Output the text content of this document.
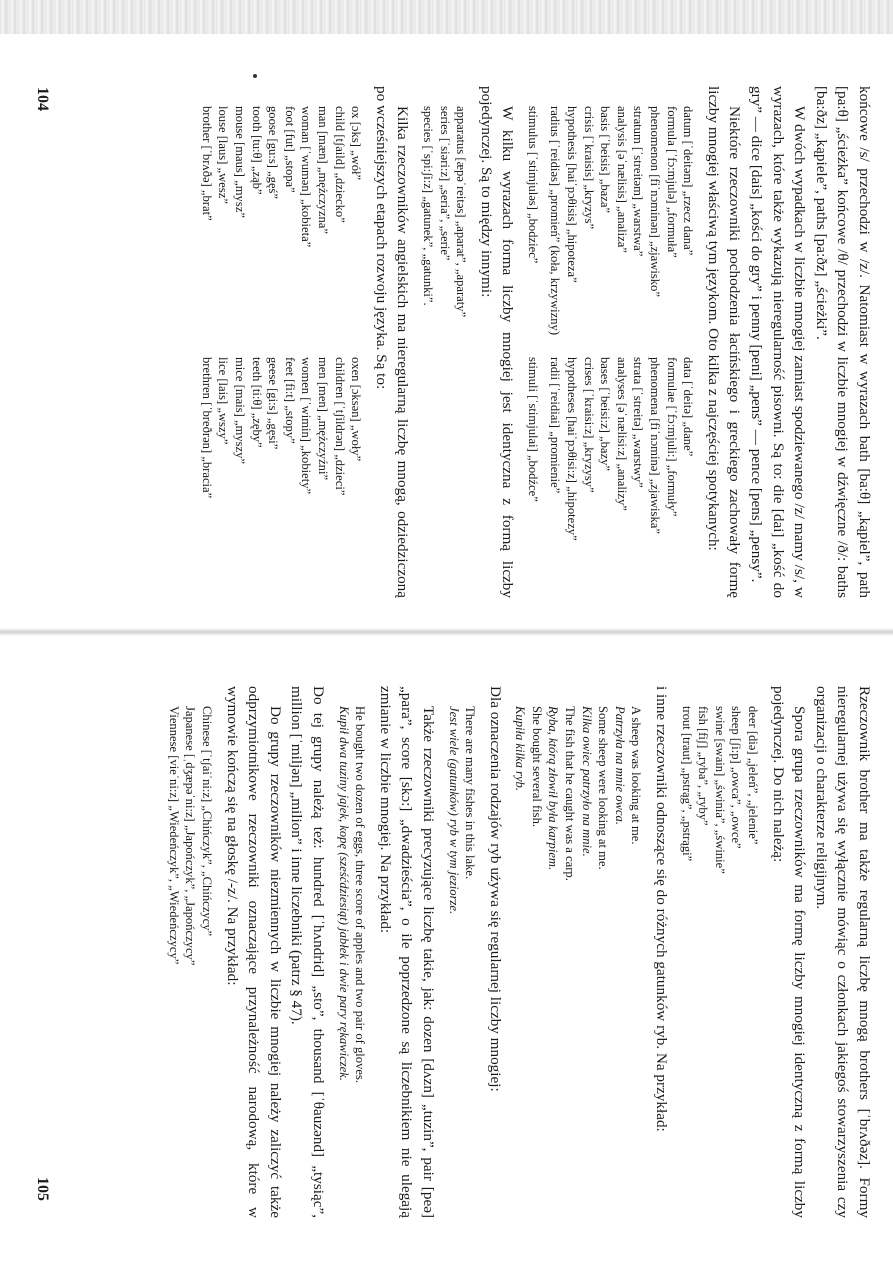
końcowe /s/ przechodzi w /z/. Natomiast w wyrazach bath [ba:θ] „kąpiel”, path [pa:θ] „ścieżka” końcowe /θ/ przechodzi w liczbie mnogiej w dźwięczne /ð/: baths [ba:ðz] „kąpiele”, paths [pa:ðz] „ścieżki”.

W dwóch wypadkach w liczbie mnogiej zamiast spodziewanego /z/ mamy /s/, w wyrazach, które także wykazują nieregularność pisowni. Są to: die [dai] „kość do gry” — dice [dais] „kości do gry” i penny [peni] „pens” — pence [pens] „pensy”.

Niektóre rzeczowniki pochodzenia łacińskiego i greckiego zachowały formę liczby mnogiej właściwą tym językom. Oto kilka z najczęściej spotykanych:

datum [ˈdeitəm] „rzecz dana”
data [ˈdeitə] „dane”
formula [ˈfɔ:mjulə] „formuła”
formulae [ˈfɔ:mjuli:] „formuły”
phenomenon [fiˈnɔminən] „zjawisko”
phenomena [fiˈnɔminə] „zjawiska”
stratum [ˈstreitəm] „warstwa”
strata [ˈstreitə] „warstwy”
analysis [əˈnælisis] „analiza”
analyses [əˈnælisi:z] „analizy”
basis [ˈbeisis] „baza”
bases [ˈbeisi:z] „bazy”
crisis [ˈkraisis] „kryzys”
crises [ˈkraisi:z] „kryzysy”
hypothesis [haiˈpɔθisis] „hipoteza”
hypotheses [haiˈpɔθisi:z] „hipotezy”
radius [ˈreidiəs] „promień” (koła, krzywizny)
radii [ˈreidiai] „promienie”
stimulus [ˈstimjuləs] „bodziec”
stimuli [ˈstimjulai] „bodźce”

W kilku wyrazach forma liczby mnogiej jest identyczna z formą liczby pojedynczej. Są to między innymi:

apparatus [æpəˈreitəs] „aparat”, „aparaty”
series [ˈsiəri:z] „seria”, „serie”
species [ˈspi:ʃi:z] „gatunek”, „gatunki”.

Kilka rzeczowników angielskich ma nieregularną liczbę mnogą, odziedziczoną po wcześniejszych etapach rozwoju języka. Są to:

ox [ɔks] „wół”
oxen [ɔksən] „woły”
child [tʃaild] „dziecko”
children [ˈtʃildrən] „dzieci”
man [mæn] „mężczyzna”
men [men] „mężczyźni”
woman [ˈwumən] „kobieta”
women [ˈwimin] „kobiety”
foot [fut] „stopa”
feet [fi:t] „stopy”
goose [gu:s] „gęś”
geese [gi:s] „gęsi”
tooth [tu:θ] „ząb”
teeth [ti:θ] „zęby”
mouse [maus] „mysz”
mice [mais] „myszy”
louse [laus] „wesz”
lice [lais] „wszy”
brother [ˈbrʌðə] „brat”
brethren [ˈbreðrən] „bracia”

Rzeczownik brother ma także regularną liczbę mnogą brothers [ˈbrʌðəz]. Formy nieregularnej używa się wyłącznie mówiąc o członkach jakiegoś stowarzyszenia czy organizacji o charakterze religijnym.

Spora grupa rzeczowników ma formę liczby mnogiej identyczną z formą liczby pojedynczej. Do nich należą:

deer [diə] „jeleń”, „jelenie”
sheep [ʃi:p] „owca”, „owce”
swine [swain] „świnia”, „świnie”
fish [fiʃ] „ryba”, „ryby”
trout [traut] „pstrąg”, „pstrągi”

i inne rzeczowniki odnoszące się do różnych gatunków ryb. Na przykład:

A sheep was looking at me.
Patrzyła na mnie owca.
Some sheep were looking at me.
Kilka owiec patrzyło na mnie.
The fish that he caught was a carp.
Ryba, którą złowił była karpiem.
She bought several fish.
Kupiła kilka ryb.

Dla oznaczenia rodzajów ryb używa się regularnej liczby mnogiej:

There are many fishes in this lake.
Jest wiele (gatunków) ryb w tym jeziorze.

Także rzeczowniki precyzujące liczbę takie, jak: dozen [dʌzn] „tuzin”, pair [peə] „para”, score [skɔ:] „dwadzieścia”, o ile poprzedzone są liczebnikiem nie ulegają zmianie w liczbie mnogiej. Na przykład:

He bought two dozen of eggs, three score of apples and two pair of gloves.
Kupił dwa tuziny jajek, kopę (sześćdziesiąt) jabłek i dwie pary rękawiczek.

Do tej grupy należą też: hundred [ˈhʌndrid] „sto”, thousand [ˈθauzənd] „tysiąc”, million [ˈmiljən] „milion” i inne liczebniki (patrz § 47).

Do grupy rzeczowników niezmiennych w liczbie mnogiej należy zaliczyć także odprzymiotnikowe rzeczowniki oznaczające przynależność narodową, które w wymowie kończą się na głoskę /-z/. Na przykład:

Chinese [ˈtʃaiˈni:z] „Chińczyk”, „Chińczycy”
Japanese [ˌdʒæpəˈni:z] „Japończyk”, „Japończycy”
Viennese [vieˈni:z] „Wiedeńczyk”, „Wiedeńczycy”
104
105
